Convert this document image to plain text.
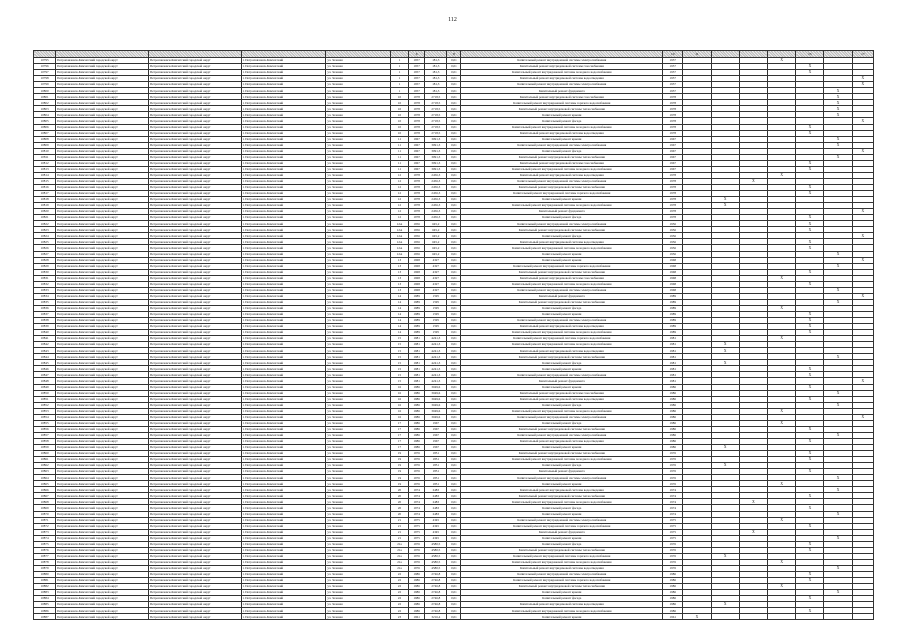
112
						6		8		10	11				15		17
10795	Петропавловск-Камчатский городской округ	Петропавловск-Камчатский городской округ	г. Петропавловск-Камчатский	ул. Зеленая	1	1957	181,3	0,01	Капитальный ремонт внутридомовой системы электроснабжения	1957				X			
10796	Петропавловск-Камчатский городской округ	Петропавловск-Камчатский городской округ	г. Петропавловск-Камчатский	ул. Зеленая	1	1957	181,3	0,01	Капитальный ремонт внутридомовой системы газоснабжения	1957					X		
10797	Петропавловск-Камчатский городской округ	Петропавловск-Камчатский городской округ	г. Петропавловск-Камчатский	ул. Зеленая	1	1957	181,3	0,01	Капитальный ремонт внутридомовой системы холодного водоснабжения	1957					X		
10798	Петропавловск-Камчатский городской округ	Петропавловск-Камчатский городской округ	г. Петропавловск-Камчатский	ул. Зеленая	1	1957	181,3	0,01	Капитальный ремонт внутридомовой системы водоотведения	1957							X
10799	Петропавловск-Камчатский городской округ	Петропавловск-Камчатский городской округ	г. Петропавловск-Камчатский	ул. Зеленая	1	1957	181,3	0,01	Капитальный ремонт внутридомовой системы электроснабжения	1957							X
10800	Петропавловск-Камчатский городской округ	Петропавловск-Камчатский городской округ	г. Петропавловск-Камчатский	ул. Зеленая	1	1957	181,3	0,01	Капитальный ремонт фундамента	1957						X	
10801	Петропавловск-Камчатский городской округ	Петропавловск-Камчатский городской округ	г. Петропавловск-Камчатский	ул. Зеленая	10	1978	2718,5	0,01	Капитальный ремонт внутридомовой системы газоснабжения	1978						X	
10802	Петропавловск-Камчатский городской округ	Петропавловск-Камчатский городской округ	г. Петропавловск-Камчатский	ул. Зеленая	10	1978	2718,5	0,01	Капитальный ремонт внутридомовой системы горячего водоснабжения	1978						X	
10803	Петропавловск-Камчатский городской округ	Петропавловск-Камчатский городской округ	г. Петропавловск-Камчатский	ул. Зеленая	10	1978	2718,5	0,01	Капитальный ремонт внутридомовой системы теплоснабжения	1978						X	
10804	Петропавловск-Камчатский городской округ	Петропавловск-Камчатский городской округ	г. Петропавловск-Камчатский	ул. Зеленая	10	1978	2718,5	0,01	Капитальный ремонт крыши	1978						X	
10805	Петропавловск-Камчатский городской округ	Петропавловск-Камчатский городской округ	г. Петропавловск-Камчатский	ул. Зеленая	10	1978	2718,5	0,01	Капитальный ремонт фасада	1978							X
10806	Петропавловск-Камчатский городской округ	Петропавловск-Камчатский городской округ	г. Петропавловск-Камчатский	ул. Зеленая	10	1978	2718,5	0,01	Капитальный ремонт внутридомовой системы холодного водоснабжения	1978					X		
10807	Петропавловск-Камчатский городской округ	Петропавловск-Камчатский городской округ	г. Петропавловск-Камчатский	ул. Зеленая	10	1978	2718,5	0,01	Капитальный ремонт внутридомовой системы водоотведения	1978					X		
10808	Петропавловск-Камчатский городской округ	Петропавловск-Камчатский городской округ	г. Петропавловск-Камчатский	ул. Зеленая	11	1967	3091,3	0,01	Капитальный ремонт крыши	1967						X	
10809	Петропавловск-Камчатский городской округ	Петропавловск-Камчатский городской округ	г. Петропавловск-Камчатский	ул. Зеленая	11	1967	3091,3	0,01	Капитальный ремонт внутридомовой системы электроснабжения	1967						X	
10810	Петропавловск-Камчатский городской округ	Петропавловск-Камчатский городской округ	г. Петропавловск-Камчатский	ул. Зеленая	11	1967	3091,3	0,01	Капитальный ремонт фасада	1967							X
10811	Петропавловск-Камчатский городской округ	Петропавловск-Камчатский городской округ	г. Петропавловск-Камчатский	ул. Зеленая	11	1967	3091,3	0,01	Капитальный ремонт внутридомовой системы теплоснабжения	1967						X	
10812	Петропавловск-Камчатский городской округ	Петропавловск-Камчатский городской округ	г. Петропавловск-Камчатский	ул. Зеленая	11	1967	3091,3	0,01	Капитальный ремонт внутридомовой системы газоснабжения	1967					X		
10813	Петропавловск-Камчатский городской округ	Петропавловск-Камчатский городской округ	г. Петропавловск-Камчатский	ул. Зеленая	11	1967	3091,3	0,01	Капитальный ремонт внутридомовой системы холодного водоснабжения	1967					X		
10814	Петропавловск-Камчатский городской округ	Петропавловск-Камчатский городской округ	г. Петропавловск-Камчатский	ул. Зеленая	12	1978	2456,3	0,01	Капитальный ремонт внутридомовой системы водоотведения	1978				X			
10815	Петропавловск-Камчатский городской округ	Петропавловск-Камчатский городской округ	г. Петропавловск-Камчатский	ул. Зеленая	12	1978	2456,3	0,01	Капитальный ремонт внутридомовой системы электроснабжения	1978			X				
10816	Петропавловск-Камчатский городской округ	Петропавловск-Камчатский городской округ	г. Петропавловск-Камчатский	ул. Зеленая	12	1978	2456,3	0,01	Капитальный ремонт внутридомовой системы теплоснабжения	1978					X		
10817	Петропавловск-Камчатский городской округ	Петропавловск-Камчатский городской округ	г. Петропавловск-Камчатский	ул. Зеленая	12	1978	2456,3	0,01	Капитальный ремонт внутридомовой системы горячего водоснабжения	1978					X		
10818	Петропавловск-Камчатский городской округ	Петропавловск-Камчатский городской округ	г. Петропавловск-Камчатский	ул. Зеленая	12	1978	2456,3	0,01	Капитальный ремонт крыши	1978		X					
10819	Петропавловск-Камчатский городской округ	Петропавловск-Камчатский городской округ	г. Петропавловск-Камчатский	ул. Зеленая	12	1978	2456,3	0,01	Капитальный ремонт внутридомовой системы холодного водоснабжения	1978		X					
10820	Петропавловск-Камчатский городской округ	Петропавловск-Камчатский городской округ	г. Петропавловск-Камчатский	ул. Зеленая	12	1978	2456,3	0,01	Капитальный ремонт фундамента	1978							X
10821	Петропавловск-Камчатский городской округ	Петропавловск-Камчатский городской округ	г. Петропавловск-Камчатский	ул. Зеленая	12	1978	2456,3	0,01	Капитальный ремонт фасада	1978					X		
10822	Петропавловск-Камчатский городской округ	Петропавловск-Камчатский городской округ	г. Петропавловск-Камчатский	ул. Зеленая	12А	1956	645,2	0,01	Капитальный ремонт внутридомовой системы электроснабжения	1956					X		
10823	Петропавловск-Камчатский городской округ	Петропавловск-Камчатский городской округ	г. Петропавловск-Камчатский	ул. Зеленая	12А	1956	645,2	0,01	Капитальный ремонт внутридомовой системы теплоснабжения	1956					X		
10824	Петропавловск-Камчатский городской округ	Петропавловск-Камчатский городской округ	г. Петропавловск-Камчатский	ул. Зеленая	12А	1956	645,2	0,01	Капитальный ремонт фасада	1956							X
10825	Петропавловск-Камчатский городской округ	Петропавловск-Камчатский городской округ	г. Петропавловск-Камчатский	ул. Зеленая	12А	1956	645,2	0,01	Капитальный ремонт внутридомовой системы водоотведения	1956					X		
10826	Петропавловск-Камчатский городской округ	Петропавловск-Камчатский городской округ	г. Петропавловск-Камчатский	ул. Зеленая	12А	1956	645,2	0,01	Капитальный ремонт внутридомовой системы холодного водоснабжения	1956					X		
10827	Петропавловск-Камчатский городской округ	Петропавловск-Камчатский городской округ	г. Петропавловск-Камчатский	ул. Зеленая	12А	1956	645,2	0,01	Капитальный ремонт крыши	1956						X	
10828	Петропавловск-Камчатский городской округ	Петропавловск-Камчатский городской округ	г. Петропавловск-Камчатский	ул. Зеленая	13	1968	4327	0,01	Капитальный ремонт крыши	1968							X
10829	Петропавловск-Камчатский городской округ	Петропавловск-Камчатский городской округ	г. Петропавловск-Камчатский	ул. Зеленая	13	1968	4327	0,01	Капитальный ремонт внутридомовой системы горячего водоснабжения	1968						X	
10830	Петропавловск-Камчатский городской округ	Петропавловск-Камчатский городской округ	г. Петропавловск-Камчатский	ул. Зеленая	13	1968	4327	0,01	Капитальный ремонт внутридомовой системы теплоснабжения	1968					X		
10831	Петропавловск-Камчатский городской округ	Петропавловск-Камчатский городской округ	г. Петропавловск-Камчатский	ул. Зеленая	13	1968	4327	0,01	Капитальный ремонт внутридомовой системы газоснабжения	1968				X			
10832	Петропавловск-Камчатский городской округ	Петропавловск-Камчатский городской округ	г. Петропавловск-Камчатский	ул. Зеленая	13	1968	4327	0,01	Капитальный ремонт внутридомовой системы холодного водоснабжения	1968					X		
10833	Петропавловск-Камчатский городской округ	Петропавловск-Камчатский городской округ	г. Петропавловск-Камчатский	ул. Зеленая	13	1968	4327	0,01	Капитальный ремонт внутридомовой системы электроснабжения	1968						X	
10834	Петропавловск-Камчатский городской округ	Петропавловск-Камчатский городской округ	г. Петропавловск-Камчатский	ул. Зеленая	14	1989	1595	0,01	Капитальный ремонт фундамента	1989							X
10835	Петропавловск-Камчатский городской округ	Петропавловск-Камчатский городской округ	г. Петропавловск-Камчатский	ул. Зеленая	14	1989	1595	0,01	Капитальный ремонт внутридомовой системы теплоснабжения	1989						X	
10836	Петропавловск-Камчатский городской округ	Петропавловск-Камчатский городской округ	г. Петропавловск-Камчатский	ул. Зеленая	14	1989	1595	0,01	Капитальный ремонт фасада	1989				X			
10837	Петропавловск-Камчатский городской округ	Петропавловск-Камчатский городской округ	г. Петропавловск-Камчатский	ул. Зеленая	14	1989	1595	0,01	Капитальный ремонт крыши	1989					X		
10838	Петропавловск-Камчатский городской округ	Петропавловск-Камчатский городской округ	г. Петропавловск-Камчатский	ул. Зеленая	14	1989	1595	0,01	Капитальный ремонт внутридомовой системы электроснабжения	1989					X		
10839	Петропавловск-Камчатский городской округ	Петропавловск-Камчатский городской округ	г. Петропавловск-Камчатский	ул. Зеленая	14	1989	1595	0,01	Капитальный ремонт внутридомовой системы водоотведения	1989					X		
10840	Петропавловск-Камчатский городской округ	Петропавловск-Камчатский городской округ	г. Петропавловск-Камчатский	ул. Зеленая	14	1989	1595	0,01	Капитальный ремонт внутридомовой системы холодного водоснабжения	1989					X		
10841	Петропавловск-Камчатский городской округ	Петропавловск-Камчатский городской округ	г. Петропавловск-Камчатский	ул. Зеленая	15	1981	4241,3	0,01	Капитальный ремонт внутридомовой системы горячего водоснабжения	1981				X			
10842	Петропавловск-Камчатский городской округ	Петропавловск-Камчатский городской округ	г. Петропавловск-Камчатский	ул. Зеленая	15	1981	4241,3	0,01	Капитальный ремонт внутридомовой системы холодного водоснабжения	1981		X					
10843	Петропавловск-Камчатский городской округ	Петропавловск-Камчатский городской округ	г. Петропавловск-Камчатский	ул. Зеленая	15	1981	4241,3	0,01	Капитальный ремонт внутридомовой системы водоотведения	1981		X					
10844	Петропавловск-Камчатский городской округ	Петропавловск-Камчатский городской округ	г. Петропавловск-Камчатский	ул. Зеленая	15	1981	4241,3	0,01	Капитальный ремонт внутридомовой системы теплоснабжения	1981						X	
10845	Петропавловск-Камчатский городской округ	Петропавловск-Камчатский городской округ	г. Петропавловск-Камчатский	ул. Зеленая	15	1981	4241,3	0,01	Капитальный ремонт фасада	1981		X					
10846	Петропавловск-Камчатский городской округ	Петропавловск-Камчатский городской округ	г. Петропавловск-Камчатский	ул. Зеленая	15	1981	4241,3	0,01	Капитальный ремонт крыши	1981					X		
10847	Петропавловск-Камчатский городской округ	Петропавловск-Камчатский городской округ	г. Петропавловск-Камчатский	ул. Зеленая	15	1981	4241,3	0,01	Капитальный ремонт внутридомовой системы электроснабжения	1981					X		
10848	Петропавловск-Камчатский городской округ	Петропавловск-Камчатский городской округ	г. Петропавловск-Камчатский	ул. Зеленая	15	1981	4241,3	0,01	Капитальный ремонт фундамента	1981							X
10849	Петропавловск-Камчатский городской округ	Петропавловск-Камчатский городской округ	г. Петропавловск-Камчатский	ул. Зеленая	16	1986	3049,6	0,01	Капитальный ремонт крыши	1986					X		
10850	Петропавловск-Камчатский городской округ	Петропавловск-Камчатский городской округ	г. Петропавловск-Камчатский	ул. Зеленая	16	1986	3049,6	0,01	Капитальный ремонт внутридомовой системы газоснабжения	1986						X	
10851	Петропавловск-Камчатский городской округ	Петропавловск-Камчатский городской округ	г. Петропавловск-Камчатский	ул. Зеленая	16	1986	3049,6	0,01	Капитальный ремонт внутридомовой системы водоотведения	1986					X		
10852	Петропавловск-Камчатский городской округ	Петропавловск-Камчатский городской округ	г. Петропавловск-Камчатский	ул. Зеленая	16	1986	3049,6	0,01	Капитальный ремонт фасада	1986						X	
10853	Петропавловск-Камчатский городской округ	Петропавловск-Камчатский городской округ	г. Петропавловск-Камчатский	ул. Зеленая	16	1986	3049,6	0,01	Капитальный ремонт внутридомовой системы холодного водоснабжения	1986				X			
10854	Петропавловск-Камчатский городской округ	Петропавловск-Камчатский городской округ	г. Петропавловск-Камчатский	ул. Зеленая	16	1986	3049,6	0,01	Капитальный ремонт внутридомовой системы электроснабжения	1986							X
10855	Петропавловск-Камчатский городской округ	Петропавловск-Камчатский городской округ	г. Петропавловск-Камчатский	ул. Зеленая	17	1986	1967	0,01	Капитальный ремонт фасада	1986				X			
10856	Петропавловск-Камчатский городской округ	Петропавловск-Камчатский городской округ	г. Петропавловск-Камчатский	ул. Зеленая	17	1986	1967	0,01	Капитальный ремонт внутридомовой системы теплоснабжения	1986					X		
10857	Петропавловск-Камчатский городской округ	Петропавловск-Камчатский городской округ	г. Петропавловск-Камчатский	ул. Зеленая	17	1986	1967	0,01	Капитальный ремонт внутридомовой системы электроснабжения	1986						X	
10858	Петропавловск-Камчатский городской округ	Петропавловск-Камчатский городской округ	г. Петропавловск-Камчатский	ул. Зеленая	17	1986	1967	0,01	Капитальный ремонт внутридомовой системы водоотведения	1986					X		
10859	Петропавловск-Камчатский городской округ	Петропавловск-Камчатский городской округ	г. Петропавловск-Камчатский	ул. Зеленая	17	1986	1967	0,01	Капитальный ремонт крыши	1986		X					
10860	Петропавловск-Камчатский городской округ	Петропавловск-Камчатский городской округ	г. Петропавловск-Камчатский	ул. Зеленая	19	1976	1851	0,01	Капитальный ремонт внутридомовой системы теплоснабжения	1976					X		
10861	Петропавловск-Камчатский городской округ	Петропавловск-Камчатский городской округ	г. Петропавловск-Камчатский	ул. Зеленая	19	1976	1851	0,01	Капитальный ремонт внутридомовой системы холодного водоснабжения	1976					X		
10862	Петропавловск-Камчатский городской округ	Петропавловск-Камчатский городской округ	г. Петропавловск-Камчатский	ул. Зеленая	19	1976	1851	0,01	Капитальный ремонт фасада	1976		X					
10863	Петропавловск-Камчатский городской округ	Петропавловск-Камчатский городской округ	г. Петропавловск-Камчатский	ул. Зеленая	19	1976	1851	0,01	Капитальный ремонт фундамента	1976					X		
10864	Петропавловск-Камчатский городской округ	Петропавловск-Камчатский городской округ	г. Петропавловск-Камчатский	ул. Зеленая	19	1976	1851	0,01	Капитальный ремонт внутридомовой системы электроснабжения	1976						X	
10865	Петропавловск-Камчатский городской округ	Петропавловск-Камчатский городской округ	г. Петропавловск-Камчатский	ул. Зеленая	19	1976	1851	0,01	Капитальный ремонт крыши	1976				X			
10866	Петропавловск-Камчатский городской округ	Петропавловск-Камчатский городской округ	г. Петропавловск-Камчатский	ул. Зеленая	20	1974	2483	0,01	Капитальный ремонт внутридомовой системы водоотведения	1974						X	
10867	Петропавловск-Камчатский городской округ	Петропавловск-Камчатский городской округ	г. Петропавловск-Камчатский	ул. Зеленая	20	1974	2483	0,01	Капитальный ремонт внутридомовой системы теплоснабжения	1974					X		
10868	Петропавловск-Камчатский городской округ	Петропавловск-Камчатский городской округ	г. Петропавловск-Камчатский	ул. Зеленая	20	1974	2483	0,01	Капитальный ремонт внутридомовой системы холодного водоснабжения	1974			X				
10869	Петропавловск-Камчатский городской округ	Петропавловск-Камчатский городской округ	г. Петропавловск-Камчатский	ул. Зеленая	20	1974	2483	0,01	Капитальный ремонт фасада	1974					X		
10870	Петропавловск-Камчатский городской округ	Петропавловск-Камчатский городской округ	г. Петропавловск-Камчатский	ул. Зеленая	20	1974	2483	0,01	Капитальный ремонт крыши	1974						X	
10871	Петропавловск-Камчатский городской округ	Петропавловск-Камчатский городской округ	г. Петропавловск-Камчатский	ул. Зеленая	21	1975	4345	0,01	Капитальный ремонт внутридомовой системы электроснабжения	1975				X			
10872	Петропавловск-Камчатский городской округ	Петропавловск-Камчатский городской округ	г. Петропавловск-Камчатский	ул. Зеленая	21	1975	4345	0,01	Капитальный ремонт внутридомовой системы горячего водоснабжения	1975					X		
10873	Петропавловск-Камчатский городской округ	Петропавловск-Камчатский городской округ	г. Петропавловск-Камчатский	ул. Зеленая	21	1975	4345	0,01	Капитальный ремонт фундамента	1975			X				
10874	Петропавловск-Камчатский городской округ	Петропавловск-Камчатский городской округ	г. Петропавловск-Камчатский	ул. Зеленая	21	1975	4345	0,01	Капитальный ремонт крыши	1975						X	
10875	Петропавловск-Камчатский городской округ	Петропавловск-Камчатский городской округ	г. Петропавловск-Камчатский	ул. Зеленая	21а	1976	4580,5	0,01	Капитальный ремонт фасада	1976					X		
10876	Петропавловск-Камчатский городской округ	Петропавловск-Камчатский городской округ	г. Петропавловск-Камчатский	ул. Зеленая	21а	1976	4580,5	0,01	Капитальный ремонт внутридомовой системы теплоснабжения	1976					X		
10877	Петропавловск-Камчатский городской округ	Петропавловск-Камчатский городской округ	г. Петропавловск-Камчатский	ул. Зеленая	21а	1976	4580,5	0,01	Капитальный ремонт внутридомовой системы горячего водоснабжения	1976		X					
10878	Петропавловск-Камчатский городской округ	Петропавловск-Камчатский городской округ	г. Петропавловск-Камчатский	ул. Зеленая	21а	1976	4580,5	0,01	Капитальный ремонт внутридомовой системы холодного водоснабжения	1976				X			
10879	Петропавловск-Камчатский городской округ	Петропавловск-Камчатский городской округ	г. Петропавловск-Камчатский	ул. Зеленая	21а	1976	4580,5	0,01	Капитальный ремонт внутридомовой системы водоотведения	1976						X	
10880	Петропавловск-Камчатский городской округ	Петропавловск-Камчатский городской округ	г. Петропавловск-Камчатский	ул. Зеленая	22	1986	2746,8	0,01	Капитальный ремонт внутридомовой системы электроснабжения	1986					X		
10881	Петропавловск-Камчатский городской округ	Петропавловск-Камчатский городской округ	г. Петропавловск-Камчатский	ул. Зеленая	22	1986	2746,8	0,01	Капитальный ремонт внутридомовой системы горячего водоснабжения	1986					X		
10882	Петропавловск-Камчатский городской округ	Петропавловск-Камчатский городской округ	г. Петропавловск-Камчатский	ул. Зеленая	22	1986	2746,8	0,01	Капитальный ремонт внутридомовой системы теплоснабжения	1986				X			
10883	Петропавловск-Камчатский городской округ	Петропавловск-Камчатский городской округ	г. Петропавловск-Камчатский	ул. Зеленая	22	1986	2746,8	0,01	Капитальный ремонт крыши	1986						X	
10884	Петропавловск-Камчатский городской округ	Петропавловск-Камчатский городской округ	г. Петропавловск-Камчатский	ул. Зеленая	22	1986	2746,8	0,01	Капитальный ремонт фасада	1986					X		
10885	Петропавловск-Камчатский городской округ	Петропавловск-Камчатский городской округ	г. Петропавловск-Камчатский	ул. Зеленая	22	1986	2746,8	0,01	Капитальный ремонт внутридомовой системы водоотведения	1986		X					
10886	Петропавловск-Камчатский городской округ	Петропавловск-Камчатский городской округ	г. Петропавловск-Камчатский	ул. Зеленая	22	1986	2746,8	0,01	Капитальный ремонт внутридомовой системы холодного водоснабжения	1986					X		
10887	Петропавловск-Камчатский городской округ	Петропавловск-Камчатский городской округ	г. Петропавловск-Камчатский	ул. Зеленая	23	1961	3216,4	0,01	Капитальный ремонт крыши	1961	X						
